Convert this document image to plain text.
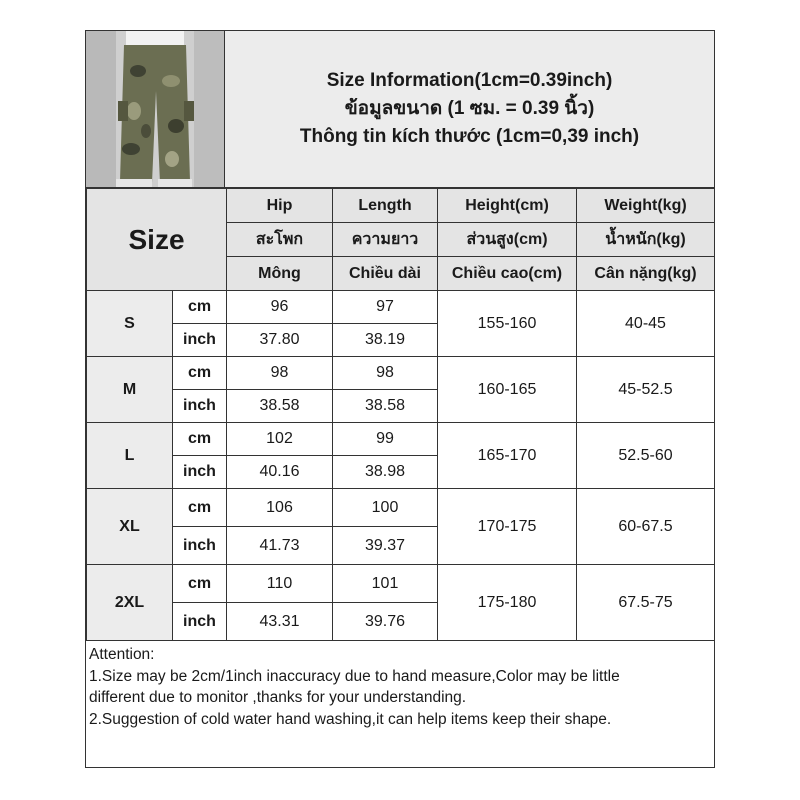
Size Information(1cm=0.39inch)
ข้อมูลขนาด (1 ซม. = 0.39 นิ้ว)
Thông tin kích thước (1cm=0,39 inch)
Size		Hip	Length	Height(cm)	Weight(kg)
		สะโพก	ความยาว	ส่วนสูง(cm)	น้ำหนัก(kg)
		Mông	Chiều dài	Chiều cao(cm)	Cân nặng(kg)
S	cm	96	97	155-160	40-45
	inch	37.80	38.19		
M	cm	98	98	160-165	45-52.5
	inch	38.58	38.58		
L	cm	102	99	165-170	52.5-60
	inch	40.16	38.98		
XL	cm	106	100	170-175	60-67.5
	inch	41.73	39.37		
2XL	cm	110	101	175-180	67.5-75
	inch	43.31	39.76		
Attention:
1.Size may be 2cm/1inch inaccuracy due to hand measure,Color may be little
different due to monitor ,thanks for your understanding.
2.Suggestion of cold water hand washing,it can help items keep their shape.
